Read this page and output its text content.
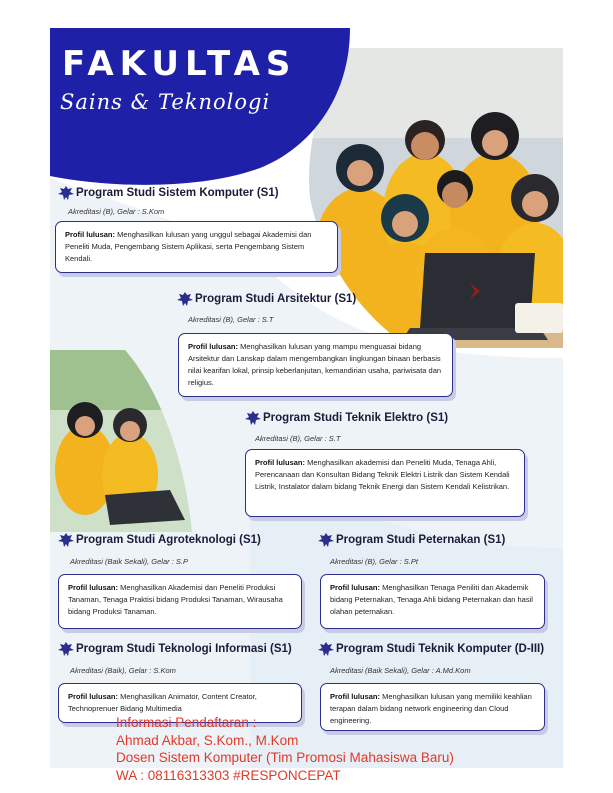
FAKULTAS
Sains & Teknologi
Program Studi Sistem Komputer (S1)
Akreditasi (B), Gelar : S.Kom
Profil lulusan: Menghasilkan lulusan yang unggul sebagai Akademisi dan Peneliti Muda, Pengembang Sistem Aplikasi, serta Pengembang Sistem Kendali.
Program Studi Arsitektur (S1)
Akreditasi (B), Gelar : S.T
Profil lulusan: Menghasilkan lulusan yang mampu menguasai bidang Arsitektur dan Lanskap dalam mengembangkan lingkungan binaan berbasis nilai kearifan lokal, prinsip keberlanjutan, kemandirian usaha, pariwisata dan religius.
Program Studi Teknik Elektro (S1)
Akreditasi (B), Gelar : S.T
Profil lulusan: Menghasilkan akademisi dan Peneliti Muda, Tenaga Ahli, Perencanaan dan Konsultan Bidang Teknik Elektri Listrik dan Sistem Kendali Listrik, Instalator dalam bidang Teknik Energi dan Sistem Kendali Kelistrikan.
Program Studi Agroteknologi (S1)
Akreditasi (Baik Sekali), Gelar : S.P
Profil lulusan: Menghasilkan Akademisi dan Peneliti Produksi Tanaman, Tenaga Praktisi bidang Produksi Tanaman, Wirausaha bidang Produksi Tanaman.
Program Studi Peternakan (S1)
Akreditasi (B), Gelar : S.Pt
Profil lulusan: Menghasilkan Tenaga Peniliti dan Akademik bidang Peternakan, Tenaga Ahli bidang Peternakan dan hasil olahan peternakan.
Program Studi Teknologi Informasi (S1)
Akreditasi (Baik), Gelar : S.Kom
Profil lulusan: Menghasilkan Animator, Content Creator, Technoprenuer Bidang Multimedia
Program Studi Teknik Komputer (D-III)
Akreditasi (Baik Sekali), Gelar : A.Md.Kom
Profil lulusan: Menghasilkan lulusan yang memiliki keahlian terapan dalam bidang network engineering dan Cloud engineering.
Informasi Pendaftaran :
Ahmad Akbar, S.Kom., M.Kom
Dosen Sistem Komputer (Tim Promosi Mahasiswa Baru)
WA : 08116313303 #RESPONCEPAT
